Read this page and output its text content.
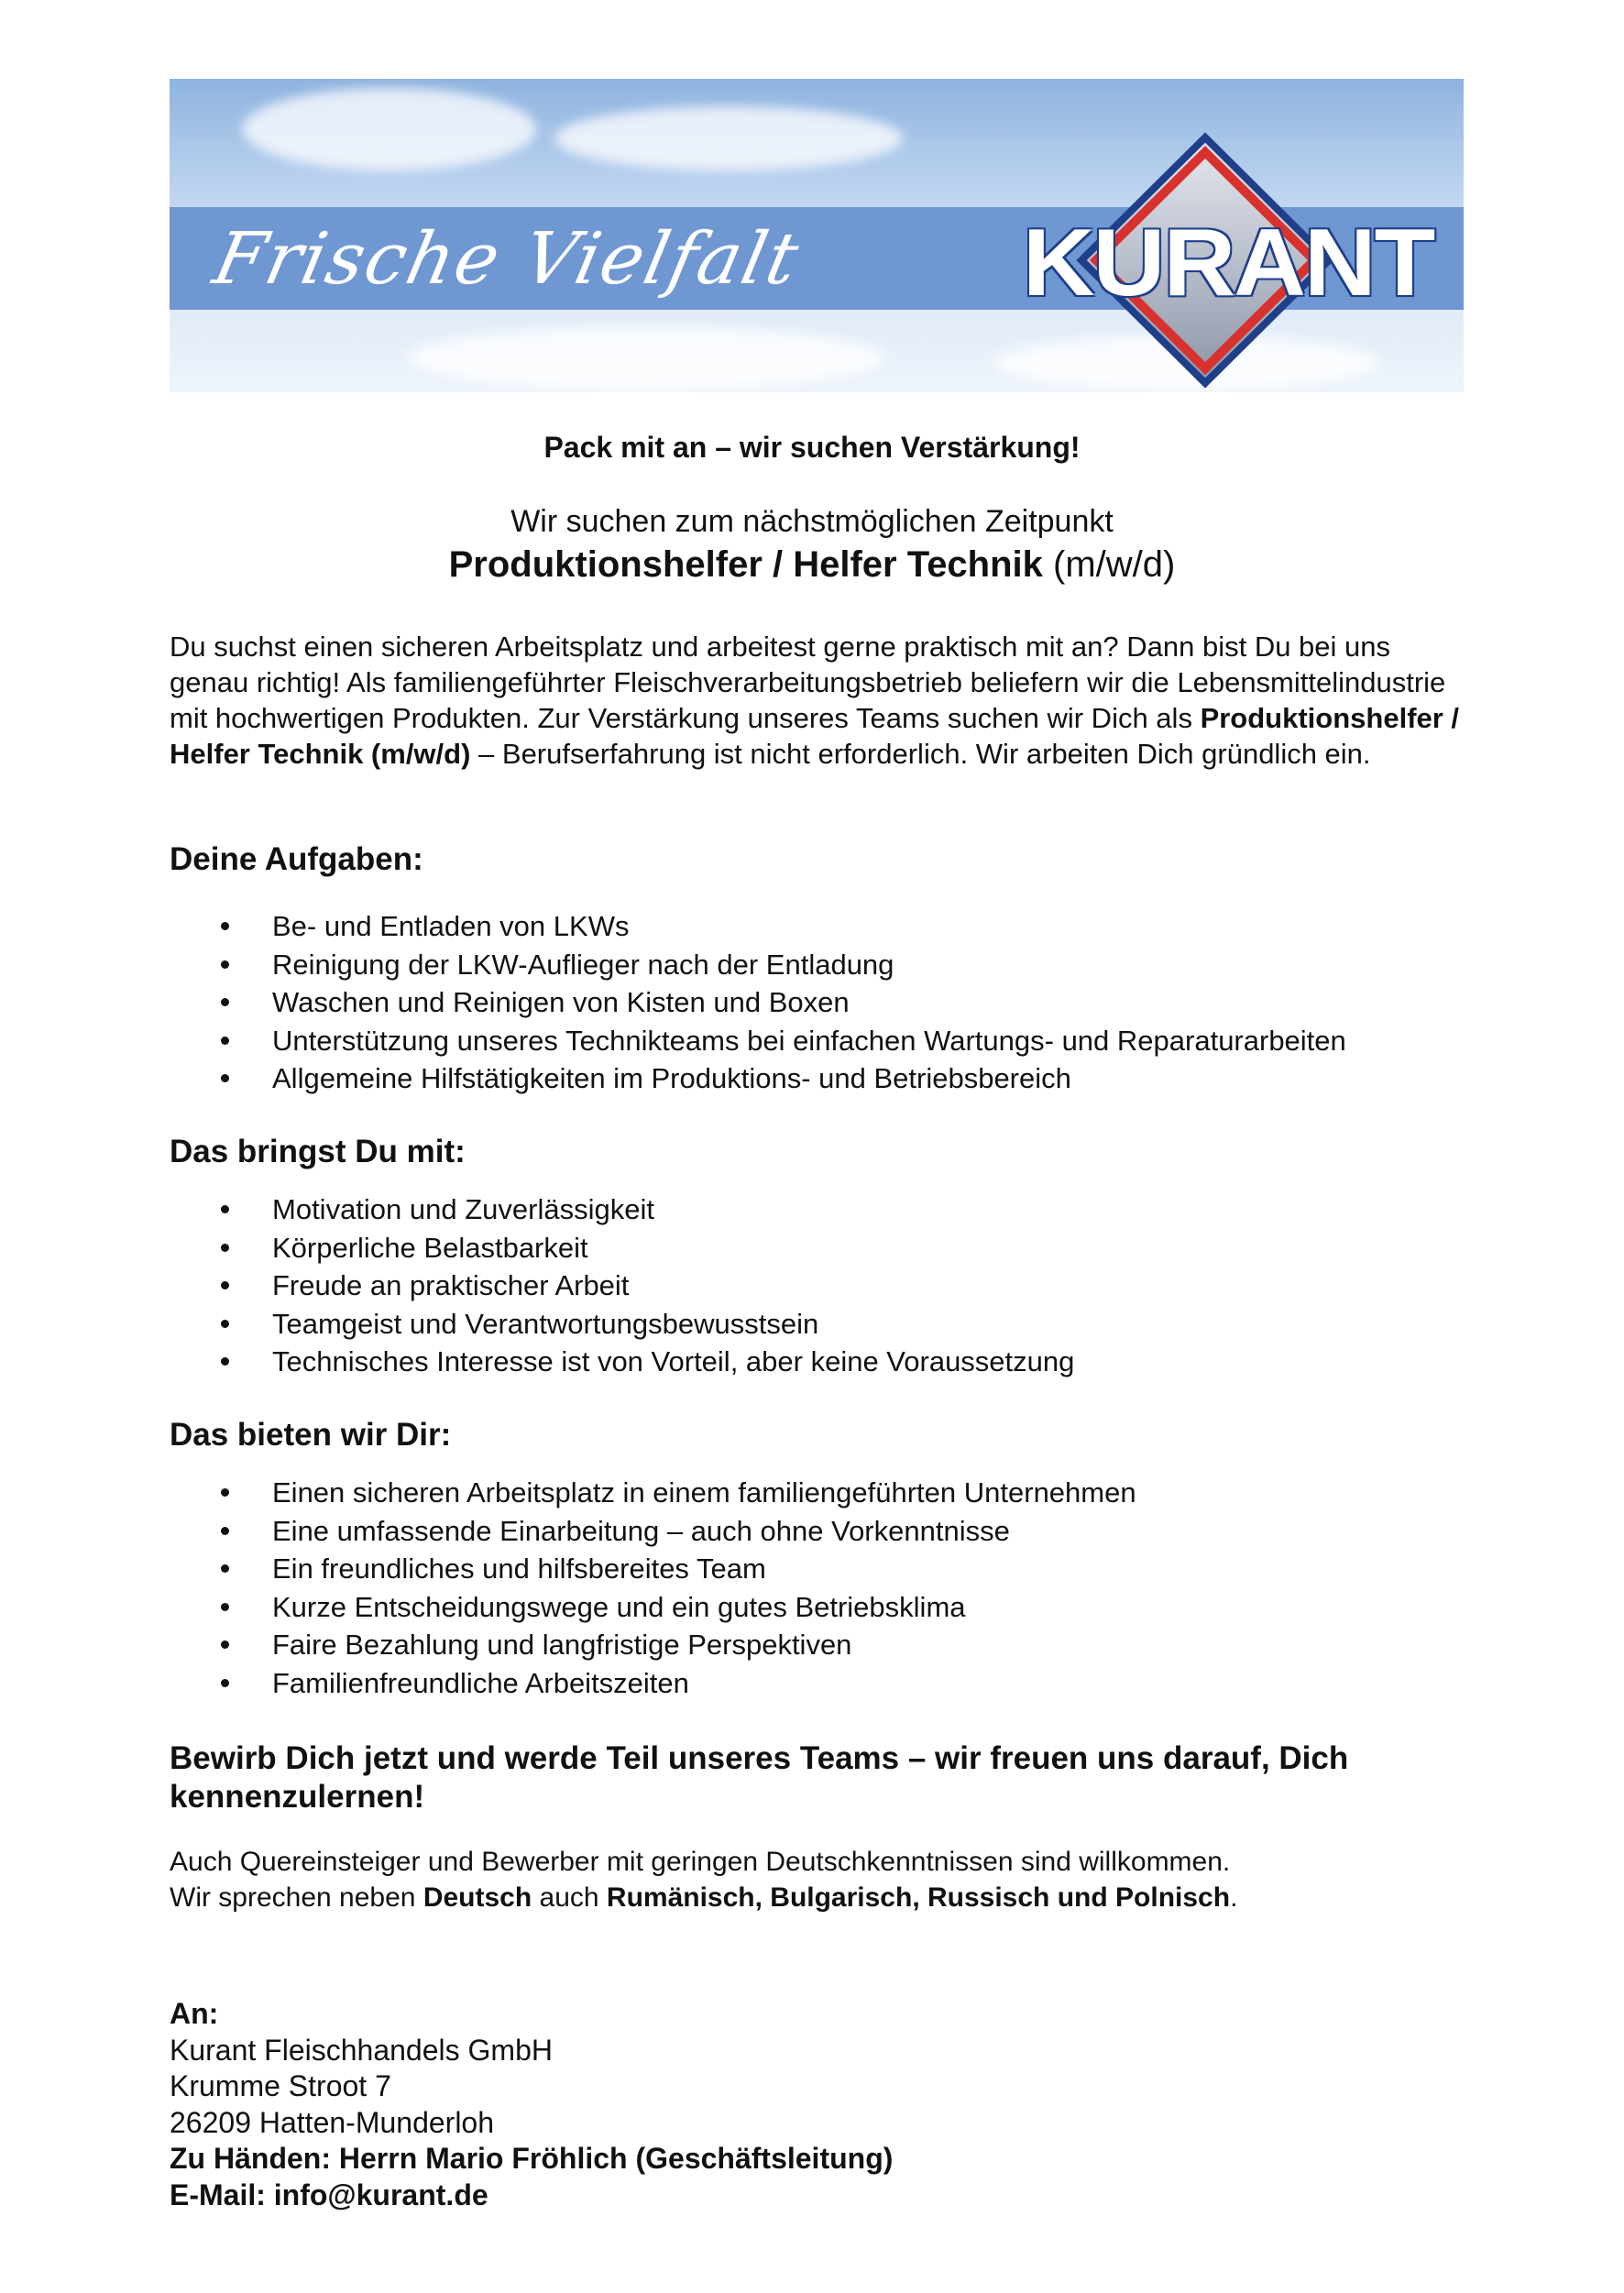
Frische Vielfalt KURANT
Pack mit an – wir suchen Verstärkung!
Wir suchen zum nächstmöglichen Zeitpunkt
Produktionshelfer / Helfer Technik (m/w/d)
Du suchst einen sicheren Arbeitsplatz und arbeitest gerne praktisch mit an? Dann bist Du bei uns genau richtig! Als familiengeführter Fleischverarbeitungsbetrieb beliefern wir die Lebensmittelindustrie mit hochwertigen Produkten. Zur Verstärkung unseres Teams suchen wir Dich als Produktionshelfer / Helfer Technik (m/w/d) – Berufserfahrung ist nicht erforderlich. Wir arbeiten Dich gründlich ein.
Deine Aufgaben:
Be- und Entladen von LKWs
Reinigung der LKW-Auflieger nach der Entladung
Waschen und Reinigen von Kisten und Boxen
Unterstützung unseres Technikteams bei einfachen Wartungs- und Reparaturarbeiten
Allgemeine Hilfstätigkeiten im Produktions- und Betriebsbereich
Das bringst Du mit:
Motivation und Zuverlässigkeit
Körperliche Belastbarkeit
Freude an praktischer Arbeit
Teamgeist und Verantwortungsbewusstsein
Technisches Interesse ist von Vorteil, aber keine Voraussetzung
Das bieten wir Dir:
Einen sicheren Arbeitsplatz in einem familiengeführten Unternehmen
Eine umfassende Einarbeitung – auch ohne Vorkenntnisse
Ein freundliches und hilfsbereites Team
Kurze Entscheidungswege und ein gutes Betriebsklima
Faire Bezahlung und langfristige Perspektiven
Familienfreundliche Arbeitszeiten
Bewirb Dich jetzt und werde Teil unseres Teams – wir freuen uns darauf, Dich kennenzulernen!
Auch Quereinsteiger und Bewerber mit geringen Deutschkenntnissen sind willkommen.
Wir sprechen neben Deutsch auch Rumänisch, Bulgarisch, Russisch und Polnisch.
An:
Kurant Fleischhandels GmbH
Krumme Stroot 7
26209 Hatten-Munderloh
Zu Händen: Herrn Mario Fröhlich (Geschäftsleitung)
E-Mail: info@kurant.de
